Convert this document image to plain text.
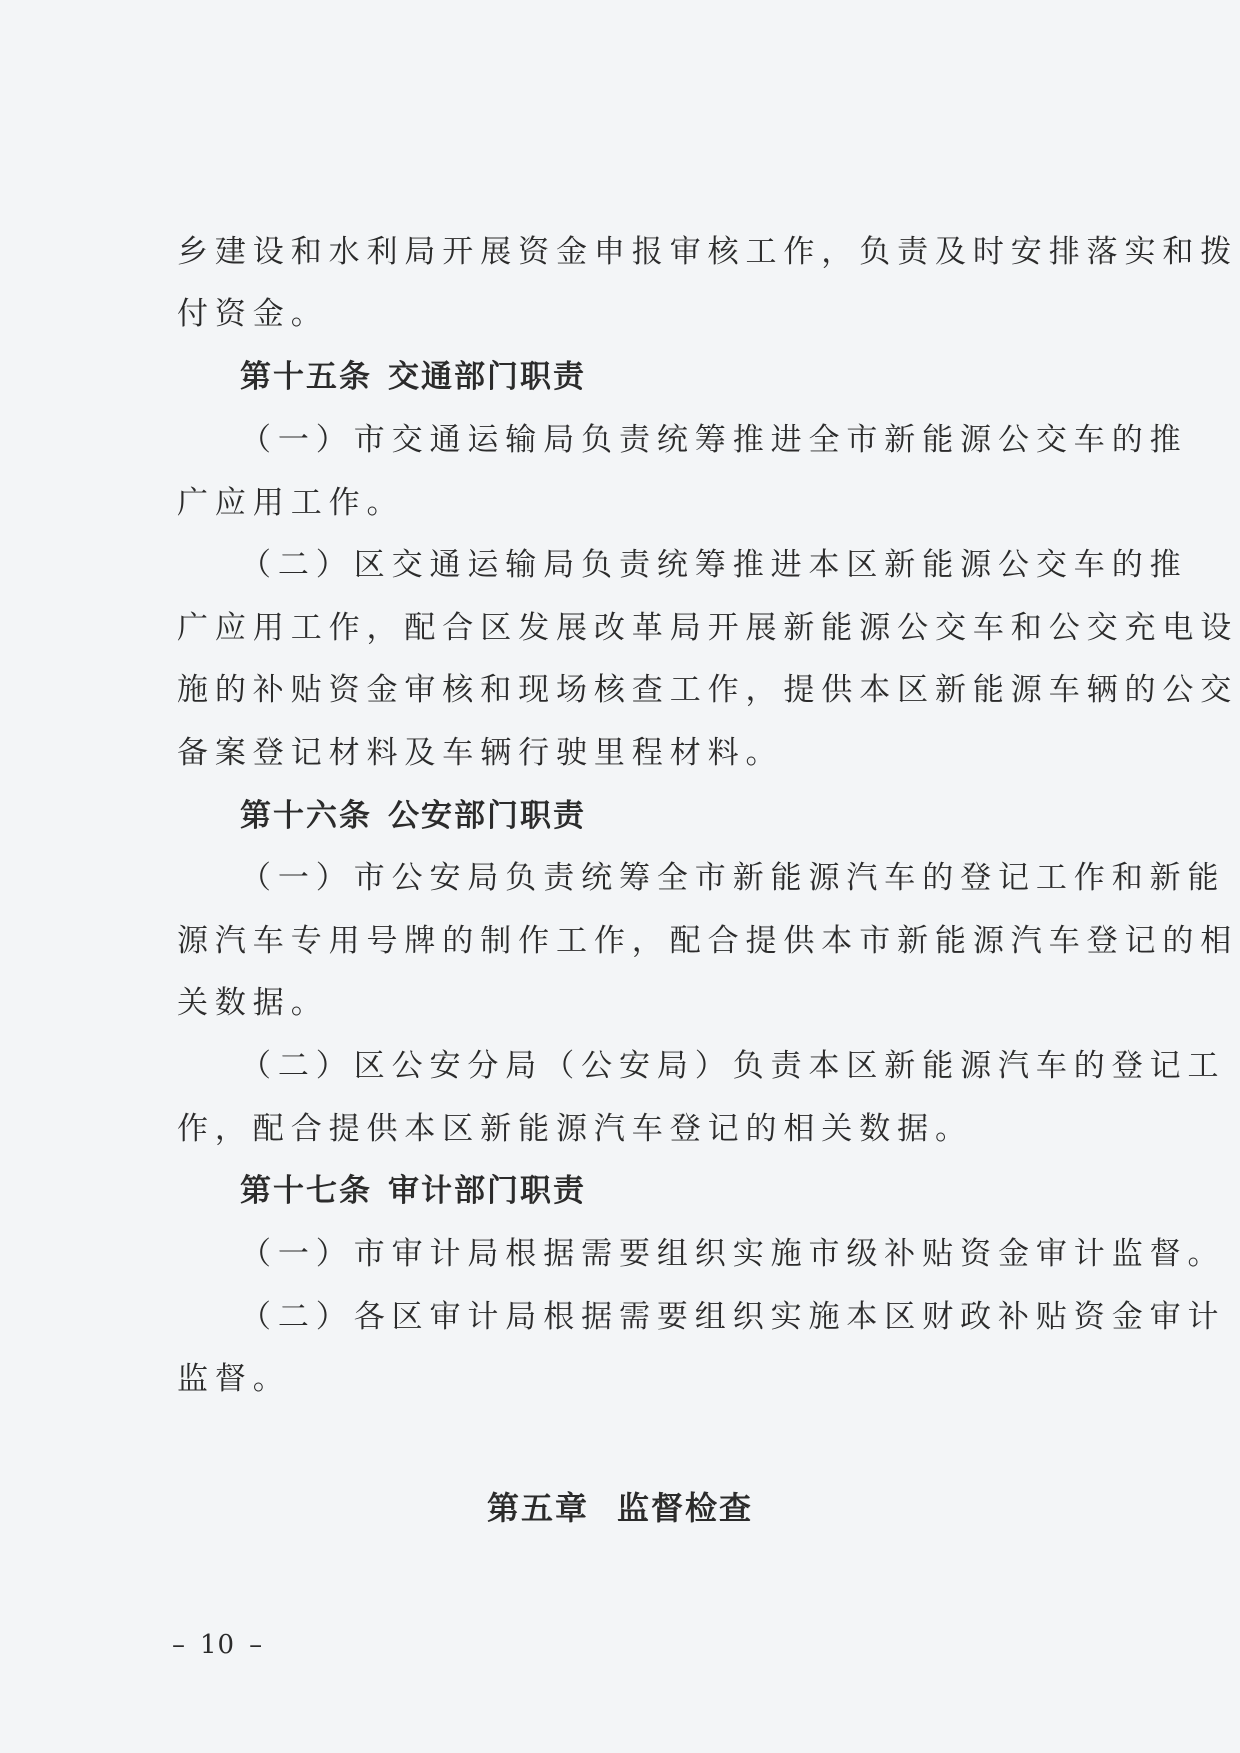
乡建设和水利局开展资金申报审核工作，负责及时安排落实和拨
付资金。
第十五条 交通部门职责
（一）市交通运输局负责统筹推进全市新能源公交车的推
广应用工作。
（二）区交通运输局负责统筹推进本区新能源公交车的推
广应用工作，配合区发展改革局开展新能源公交车和公交充电设
施的补贴资金审核和现场核查工作，提供本区新能源车辆的公交
备案登记材料及车辆行驶里程材料。
第十六条 公安部门职责
（一）市公安局负责统筹全市新能源汽车的登记工作和新能
源汽车专用号牌的制作工作，配合提供本市新能源汽车登记的相
关数据。
（二）区公安分局（公安局）负责本区新能源汽车的登记工
作，配合提供本区新能源汽车登记的相关数据。
第十七条 审计部门职责
（一）市审计局根据需要组织实施市级补贴资金审计监督。
（二）各区审计局根据需要组织实施本区财政补贴资金审计
监督。
第五章 监督检查
– 10 –
